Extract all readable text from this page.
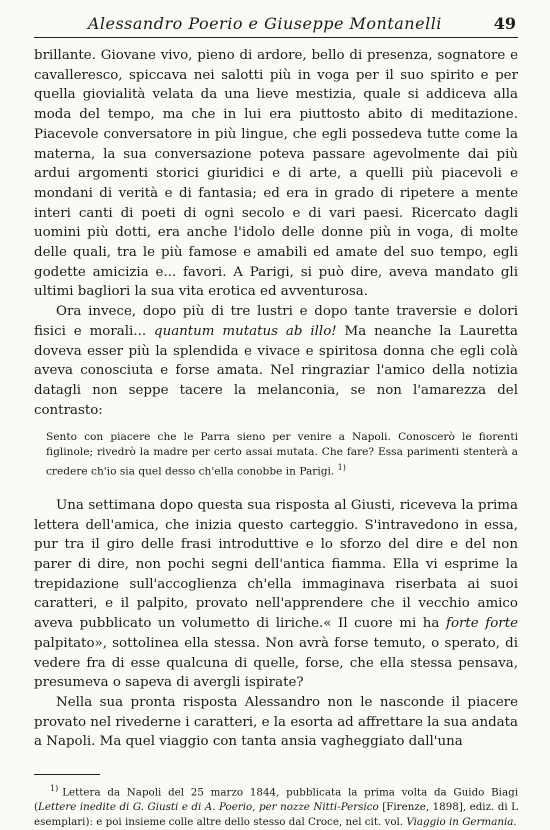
Alessandro Poerio e Giuseppe Montanelli	49

brillante. Giovane vivo, pieno di ardore, bello di presenza, sognatore e cavalleresco, spiccava nei salotti più in voga per il suo spirito e per quella giovialità velata da una lieve mestizia, quale si addiceva alla moda del tempo, ma che in lui era piuttosto abito di meditazione. Piacevole conversatore in più lingue, che egli possedeva tutte come la materna, la sua conversazione poteva passare agevolmente dai più ardui argomenti storici giuridici e di arte, a quelli più piacevoli e mondani di verità e di fantasia; ed era in grado di ripetere a mente interi canti di poeti di ogni secolo e di vari paesi. Ricercato dagli uomini più dotti, era anche l'idolo delle donne più in voga, di molte delle quali, tra le più famose e amabili ed amate del suo tempo, egli godette amicizia e... favori. A Parigi, si può dire, aveva mandato gli ultimi bagliori la sua vita erotica ed avventurosa.

Ora invece, dopo più di tre lustri e dopo tante traversie e dolori fisici e morali... quantum mutatus ab illo! Ma neanche la Lauretta doveva esser più la splendida e vivace e spiritosa donna che egli colà aveva conosciuta e forse amata. Nel ringraziar l'amico della notizia datagli non seppe tacere la melanconia, se non l'amarezza del contrasto:

Sento con piacere che le Parra sieno per venire a Napoli. Conoscerò le fiorenti figlinole; rivedrò la madre per certo assai mutata. Che fare? Essa parimenti stenterà a credere ch'io sia quel desso ch'ella conobbe in Parigi. $^{1)}$

Una settimana dopo questa sua risposta al Giusti, riceveva la prima lettera dell'amica, che inizia questo carteggio. S'intravedono in essa, pur tra il giro delle frasi introduttive e lo sforzo del dire e del non parer di dire, non pochi segni dell'antica fiamma. Ella vi esprime la trepidazione sull'accoglienza ch'ella immaginava riserbata ai suoi caratteri, e il palpito, provato nell'apprendere che il vecchio amico aveva pubblicato un volumetto di liriche.« Il cuore mi ha forte forte palpitato», sottolinea ella stessa. Non avrà forse temuto, o sperato, di vedere fra di esse qualcuna di quelle, forse, che ella stessa pensava, presumeva o sapeva di avergli ispirate?

Nella sua pronta risposta Alessandro non le nasconde il piacere provato nel rivederne i caratteri, e la esorta ad affrettare la sua andata a Napoli. Ma quel viaggio con tanta ansia vagheggiato dall'una

$^{1)}$ Lettera da Napoli del 25 marzo 1844, pubblicata la prima volta da Guido Biagi (Lettere inedite di G. Giusti e di A. Poerio, per nozze Nitti-Persico [Firenze, 1898], ediz. di L esemplari): e poi insieme colle altre dello stesso dal Croce, nel cit. vol. Viaggio in Germania.
